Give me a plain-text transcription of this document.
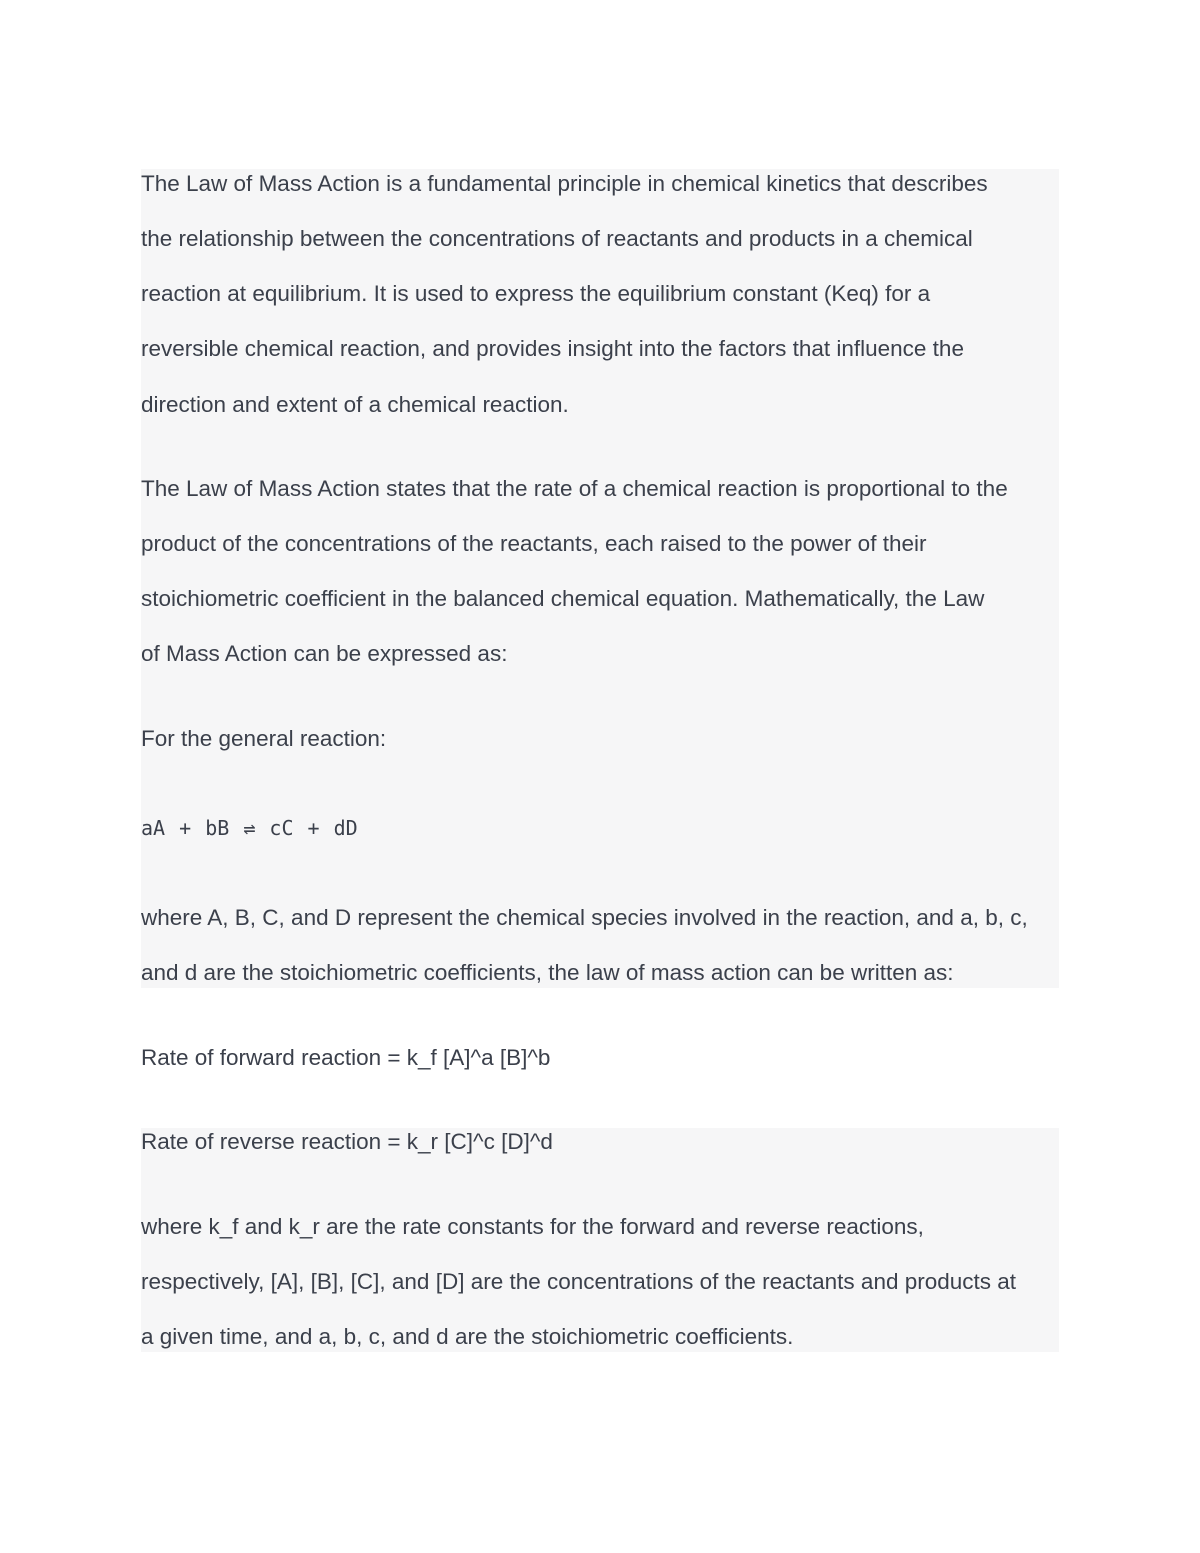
The Law of Mass Action is a fundamental principle in chemical kinetics that describes
the relationship between the concentrations of reactants and products in a chemical
reaction at equilibrium. It is used to express the equilibrium constant (Keq) for a
reversible chemical reaction, and provides insight into the factors that influence the
direction and extent of a chemical reaction.
The Law of Mass Action states that the rate of a chemical reaction is proportional to the
product of the concentrations of the reactants, each raised to the power of their
stoichiometric coefficient in the balanced chemical equation. Mathematically, the Law
of Mass Action can be expressed as:
For the general reaction:
aA + bB ⇌ cC + dD
where A, B, C, and D represent the chemical species involved in the reaction, and a, b, c,
and d are the stoichiometric coefficients, the law of mass action can be written as:
Rate of forward reaction = k_f [A]^a [B]^b
Rate of reverse reaction = k_r [C]^c [D]^d
where k_f and k_r are the rate constants for the forward and reverse reactions,
respectively, [A], [B], [C], and [D] are the concentrations of the reactants and products at
a given time, and a, b, c, and d are the stoichiometric coefficients.
